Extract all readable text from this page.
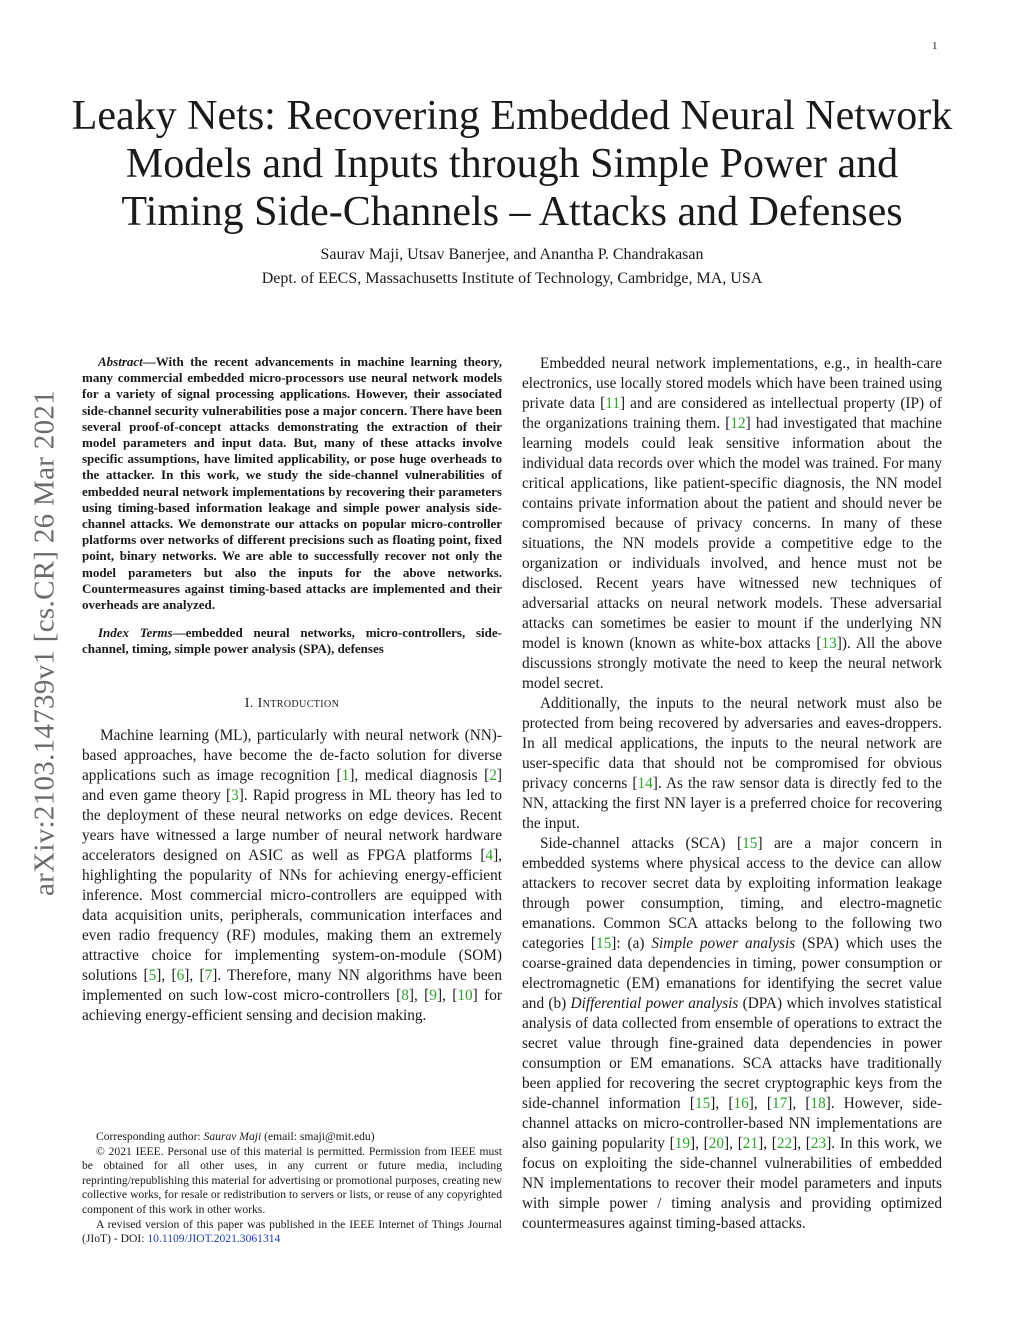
1
Leaky Nets: Recovering Embedded Neural Network
Models and Inputs through Simple Power and
Timing Side-Channels – Attacks and Defenses
Saurav Maji, Utsav Banerjee, and Anantha P. Chandrakasan
Dept. of EECS, Massachusetts Institute of Technology, Cambridge, MA, USA
arXiv:2103.14739v1 [cs.CR] 26 Mar 2021

Abstract—With the recent advancements in machine learning theory, many commercial embedded micro-processors use neural network models for a variety of signal processing applications. However, their associated side-channel security vulnerabilities pose a major concern. There have been several proof-of-concept attacks demonstrating the extraction of their model parameters and input data. But, many of these attacks involve specific assumptions, have limited applicability, or pose huge overheads to the attacker. In this work, we study the side-channel vulnerabilities of embedded neural network implementations by recovering their parameters using timing-based information leakage and simple power analysis side-channel attacks. We demonstrate our attacks on popular micro-controller platforms over networks of different precisions such as floating point, fixed point, binary networks. We are able to successfully recover not only the model parameters but also the inputs for the above networks. Countermeasures against timing-based attacks are implemented and their overheads are analyzed.

Index Terms—embedded neural networks, micro-controllers, side-channel, timing, simple power analysis (SPA), defenses

I. Introduction

Machine learning (ML), particularly with neural network (NN)-based approaches, have become the de-facto solution for diverse applications such as image recognition [1], medical diagnosis [2] and even game theory [3]. Rapid progress in ML theory has led to the deployment of these neural networks on edge devices. Recent years have witnessed a large number of neural network hardware accelerators designed on ASIC as well as FPGA platforms [4], highlighting the popularity of NNs for achieving energy-efficient inference. Most commercial micro-controllers are equipped with data acquisition units, peripherals, communication interfaces and even radio frequency (RF) modules, making them an extremely attractive choice for implementing system-on-module (SOM) solutions [5], [6], [7]. Therefore, many NN algorithms have been implemented on such low-cost micro-controllers [8], [9], [10] for achieving energy-efficient sensing and decision making.

Corresponding author: Saurav Maji (email: smaji@mit.edu)

© 2021 IEEE. Personal use of this material is permitted. Permission from IEEE must be obtained for all other uses, in any current or future media, including reprinting/republishing this material for advertising or promotional purposes, creating new collective works, for resale or redistribution to servers or lists, or reuse of any copyrighted component of this work in other works.

A revised version of this paper was published in the IEEE Internet of Things Journal (JIoT) - DOI: 10.1109/JIOT.2021.3061314

Embedded neural network implementations, e.g., in health-care electronics, use locally stored models which have been trained using private data [11] and are considered as intellectual property (IP) of the organizations training them. [12] had investigated that machine learning models could leak sensitive information about the individual data records over which the model was trained. For many critical applications, like patient-specific diagnosis, the NN model contains private information about the patient and should never be compromised because of privacy concerns. In many of these situations, the NN models provide a competitive edge to the organization or individuals involved, and hence must not be disclosed. Recent years have witnessed new techniques of adversarial attacks on neural network models. These adversarial attacks can sometimes be easier to mount if the underlying NN model is known (known as white-box attacks [13]). All the above discussions strongly motivate the need to keep the neural network model secret.

Additionally, the inputs to the neural network must also be protected from being recovered by adversaries and eaves-droppers. In all medical applications, the inputs to the neural network are user-specific data that should not be compromised for obvious privacy concerns [14]. As the raw sensor data is directly fed to the NN, attacking the first NN layer is a preferred choice for recovering the input.

Side-channel attacks (SCA) [15] are a major concern in embedded systems where physical access to the device can allow attackers to recover secret data by exploiting information leakage through power consumption, timing, and electro-magnetic emanations. Common SCA attacks belong to the following two categories [15]: (a) Simple power analysis (SPA) which uses the coarse-grained data dependencies in timing, power consumption or electromagnetic (EM) emanations for identifying the secret value and (b) Differential power analysis (DPA) which involves statistical analysis of data collected from ensemble of operations to extract the secret value through fine-grained data dependencies in power consumption or EM emanations. SCA attacks have traditionally been applied for recovering the secret cryptographic keys from the side-channel information [15], [16], [17], [18]. However, side-channel attacks on micro-controller-based NN implementations are also gaining popularity [19], [20], [21], [22], [23]. In this work, we focus on exploiting the side-channel vulnerabilities of embedded NN implementations to recover their model parameters and inputs with simple power / timing analysis and providing optimized countermeasures against timing-based attacks.
